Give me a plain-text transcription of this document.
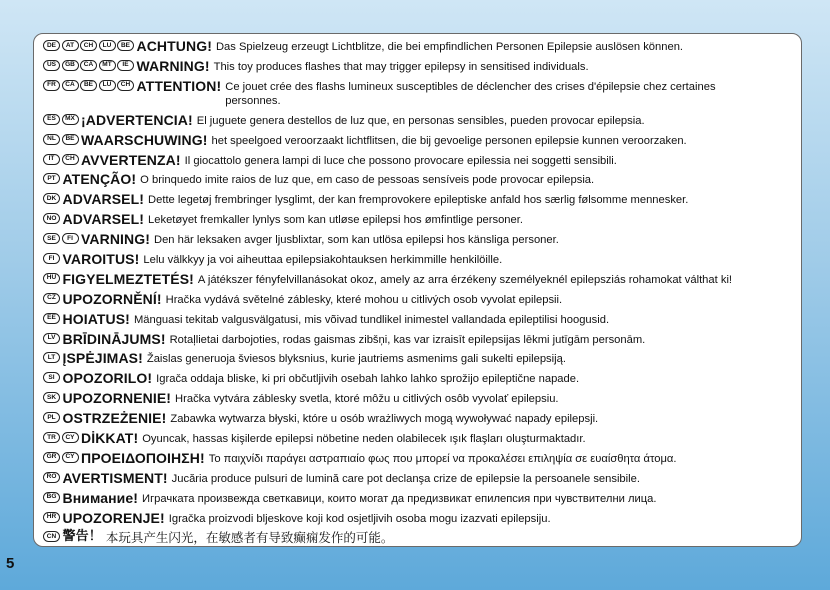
DE	AT	CH	LU	BE ACHTUNG! Das Spielzeug erzeugt Lichtblitze, die bei empfindlichen Personen Epilepsie auslösen können.
US	GB	CA	MT	IE WARNING! This toy produces flashes that may trigger epilepsy in sensitised individuals.
FR	CA	BE	LU	CH ATTENTION! Ce jouet crée des flashs lumineux susceptibles de déclencher des crises d'épilepsie chez certaines personnes.
ES	MX ¡ADVERTENCIA! El juguete genera destellos de luz que, en personas sensibles, pueden provocar epilepsia.
NL	BE WAARSCHUWING! het speelgoed veroorzaakt lichtflitsen, die bij gevoelige personen epilepsie kunnen veroorzaken.
IT	CH AVVERTENZA! Il giocattolo genera lampi di luce che possono provocare epilessia nei soggetti sensibili.
PT ATENÇÃO! O brinquedo imite raios de luz que, em caso de pessoas sensíveis pode provocar epilepsia.
DK ADVARSEL! Dette legetøj frembringer lysglimt, der kan fremprovokere epileptiske anfald hos særlig følsomme mennesker.
NO ADVARSEL! Leketøyet fremkaller lynlys som kan utløse epilepsi hos ømfintlige personer.
SE	FI VARNING! Den här leksaken avger ljusblixtar, som kan utlösa epilepsi hos känsliga personer.
FI VAROITUS! Lelu välkkyy ja voi aiheuttaa epilepsiakohtauksen herkimmille henkilöille.
HU FIGYELMEZTETÉS! A játékszer fényfelvillanásokat okoz, amely az arra érzékeny személyeknél epilepsziás rohamokat válthat ki!
CZ UPOZORNĚNÍ! Hračka vydává světelné záblesky, které mohou u citlivých osob vyvolat epilepsii.
EE HOIATUS! Mänguasi tekitab valgusvälgatusi, mis võivad tundlikel inimestel vallandada epileptilisi hoogusid.
LV BRĪDINĀJUMS! Rotaļlietai darbojoties, rodas gaismas zibšņi, kas var izraisīt epilepsijas lēkmi jutīgām personām.
LT ĮSPĖJIMAS! Žaislas generuoja šviesos blyksnius, kurie jautriems asmenims gali sukelti epilepsiją.
SI OPOZORILO! Igrača oddaja bliske, ki pri občutljivih osebah lahko lahko sprožijo epileptične napade.
SK UPOZORNENIE! Hračka vytvára záblesky svetla, ktoré môžu u citlivých osôb vyvolať epilepsiu.
PL OSTRZEŻENIE! Zabawka wytwarza błyski, które u osób wrażliwych mogą wywoływać napady epilepsji.
TR	CY DİKKAT! Oyuncak, hassas kişilerde epilepsi nöbetine neden olabilecek ışık flaşları oluşturmaktadır.
GR	CY ΠΡΟΕΙΔΟΠΟΙΗΣΗ! Το παιχνίδι παράγει αστραπιαίο φως που μπορεί να προκαλέσει επιληψία σε ευαίσθητα άτομα.
RO AVERTISMENT! Jucăria produce pulsuri de lumină care pot declanşa crize de epilepsie la persoanele sensibile.
BG Внимание! Играчката произвежда светкавици, които могат да предизвикат епилепсия при чувствителни лица.
HR UPOZORENJE! Igračka proizvodi bljeskove koji kod osjetljivih osoba mogu izazvati epilepsiju.
CN 警告！ 本玩具产生闪光，在敏感者有导致癫痫发作的可能。
5
